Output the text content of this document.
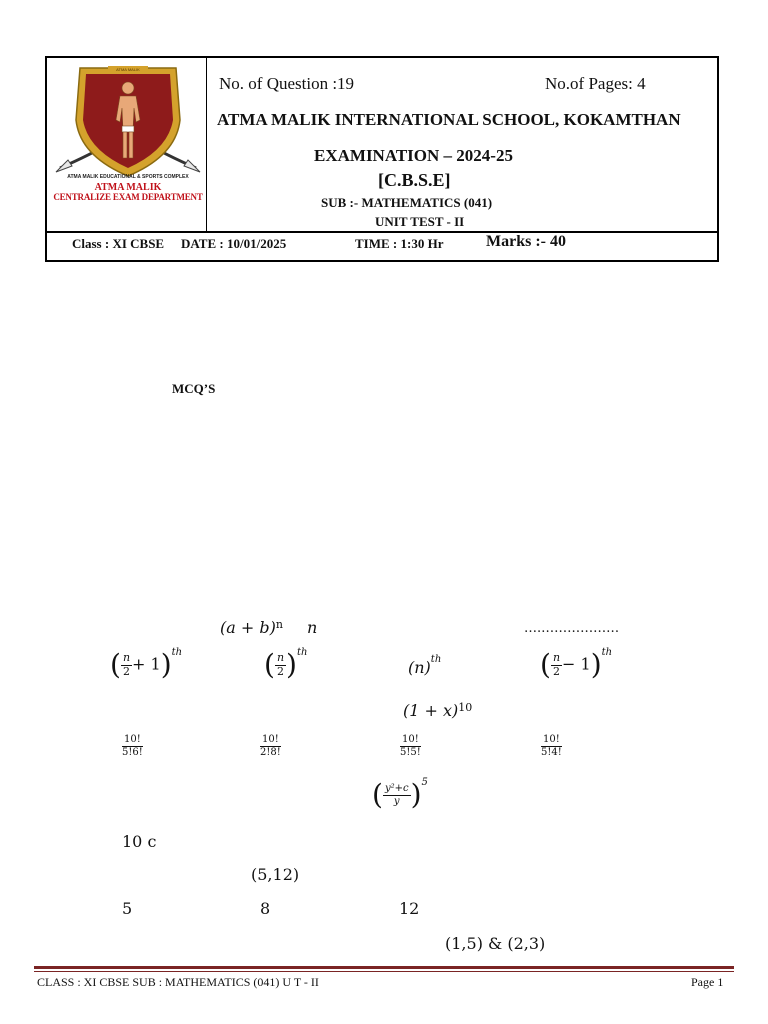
ATMA MALIK
ATMA MALIK EDUCATIONAL & SPORTS COMPLEX
ATMA MALIK
CENTRALIZE EXAM DEPARTMENT
No. of Question :19	No.of Pages: 4
ATMA MALIK INTERNATIONAL SCHOOL, KOKAMTHAN
EXAMINATION – 2024-25
[C.B.S.E]
SUB :- MATHEMATICS (041)
UNIT TEST - II
Class : XI CBSE DATE : 10/01/2025	TIME : 1:30 Hr	Marks :- 40
MCQ’S
$(a + b)^n$ n	….………………
( $\frac{n}{2} + 1)^{th}$	( $\frac{n}{2} )^{th}$
$(n)^{th}$	( $\frac{n}{2} - 1)^{th}$
$(1 + x)^{10}$
$\frac{10!}{5!6!}$	$\frac{10!}{2!8!}$	$\frac{10!}{5!5!}$	$\frac{10!}{5!4!}$
( $\frac{\text{y²+c}}{y} )^5$
10 c
(5,12)
5	8	12
(1,5) & (2,3)
CLASS : XI CBSE SUB : MATHEMATICS (041) U T - II	Page 1
